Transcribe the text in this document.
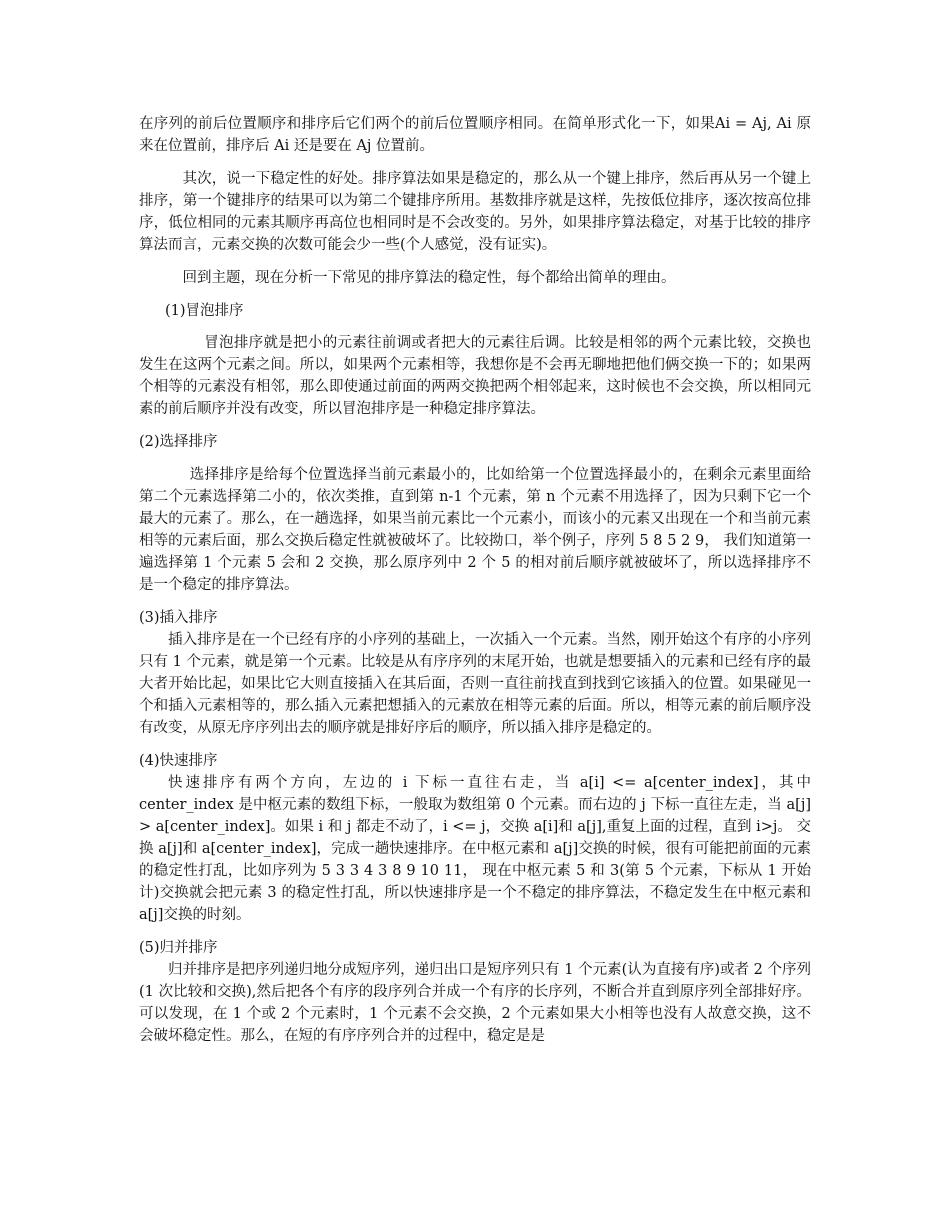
在序列的前后位置顺序和排序后它们两个的前后位置顺序相同。在简单形式化一下，如果Ai = Aj, Ai 原来在位置前，排序后 Ai 还是要在 Aj 位置前。

其次，说一下稳定性的好处。排序算法如果是稳定的，那么从一个键上排序，然后再从另一个键上排序，第一个键排序的结果可以为第二个键排序所用。基数排序就是这样，先按低位排序，逐次按高位排序，低位相同的元素其顺序再高位也相同时是不会改变的。另外，如果排序算法稳定，对基于比较的排序算法而言，元素交换的次数可能会少一些(个人感觉，没有证实)。

回到主题，现在分析一下常见的排序算法的稳定性，每个都给出简单的理由。

(1)冒泡排序

冒泡排序就是把小的元素往前调或者把大的元素往后调。比较是相邻的两个元素比较，交换也发生在这两个元素之间。所以，如果两个元素相等，我想你是不会再无聊地把他们俩交换一下的；如果两个相等的元素没有相邻，那么即使通过前面的两两交换把两个相邻起来，这时候也不会交换，所以相同元素的前后顺序并没有改变，所以冒泡排序是一种稳定排序算法。

(2)选择排序

选择排序是给每个位置选择当前元素最小的，比如给第一个位置选择最小的，在剩余元素里面给第二个元素选择第二小的，依次类推，直到第 n-1 个元素，第 n 个元素不用选择了，因为只剩下它一个最大的元素了。那么，在一趟选择，如果当前元素比一个元素小，而该小的元素又出现在一个和当前元素相等的元素后面，那么交换后稳定性就被破坏了。比较拗口，举个例子，序列 5 8 5 2 9， 我们知道第一遍选择第 1 个元素 5 会和 2 交换，那么原序列中 2 个 5 的相对前后顺序就被破坏了，所以选择排序不是一个稳定的排序算法。

(3)插入排序

插入排序是在一个已经有序的小序列的基础上，一次插入一个元素。当然，刚开始这个有序的小序列只有 1 个元素，就是第一个元素。比较是从有序序列的末尾开始，也就是想要插入的元素和已经有序的最大者开始比起，如果比它大则直接插入在其后面，否则一直往前找直到找到它该插入的位置。如果碰见一个和插入元素相等的，那么插入元素把想插入的元素放在相等元素的后面。所以，相等元素的前后顺序没有改变，从原无序序列出去的顺序就是排好序后的顺序，所以插入排序是稳定的。

(4)快速排序

快速排序有两个方向，左边的 i 下标一直往右走，当 a[i] <= a[center_index]，其中 center_index 是中枢元素的数组下标，一般取为数组第 0 个元素。而右边的 j 下标一直往左走，当 a[j] > a[center_index]。如果 i 和 j 都走不动了，i <= j，交换 a[i]和 a[j],重复上面的过程，直到 i>j。 交换 a[j]和 a[center_index]，完成一趟快速排序。在中枢元素和 a[j]交换的时候，很有可能把前面的元素的稳定性打乱，比如序列为 5 3 3 4 3 8 9 10 11， 现在中枢元素 5 和 3(第 5 个元素，下标从 1 开始计)交换就会把元素 3 的稳定性打乱，所以快速排序是一个不稳定的排序算法，不稳定发生在中枢元素和 a[j]交换的时刻。

(5)归并排序

归并排序是把序列递归地分成短序列，递归出口是短序列只有 1 个元素(认为直接有序)或者 2 个序列(1 次比较和交换),然后把各个有序的段序列合并成一个有序的长序列，不断合并直到原序列全部排好序。可以发现，在 1 个或 2 个元素时，1 个元素不会交换，2 个元素如果大小相等也没有人故意交换，这不会破坏稳定性。那么，在短的有序序列合并的过程中，稳定是是
